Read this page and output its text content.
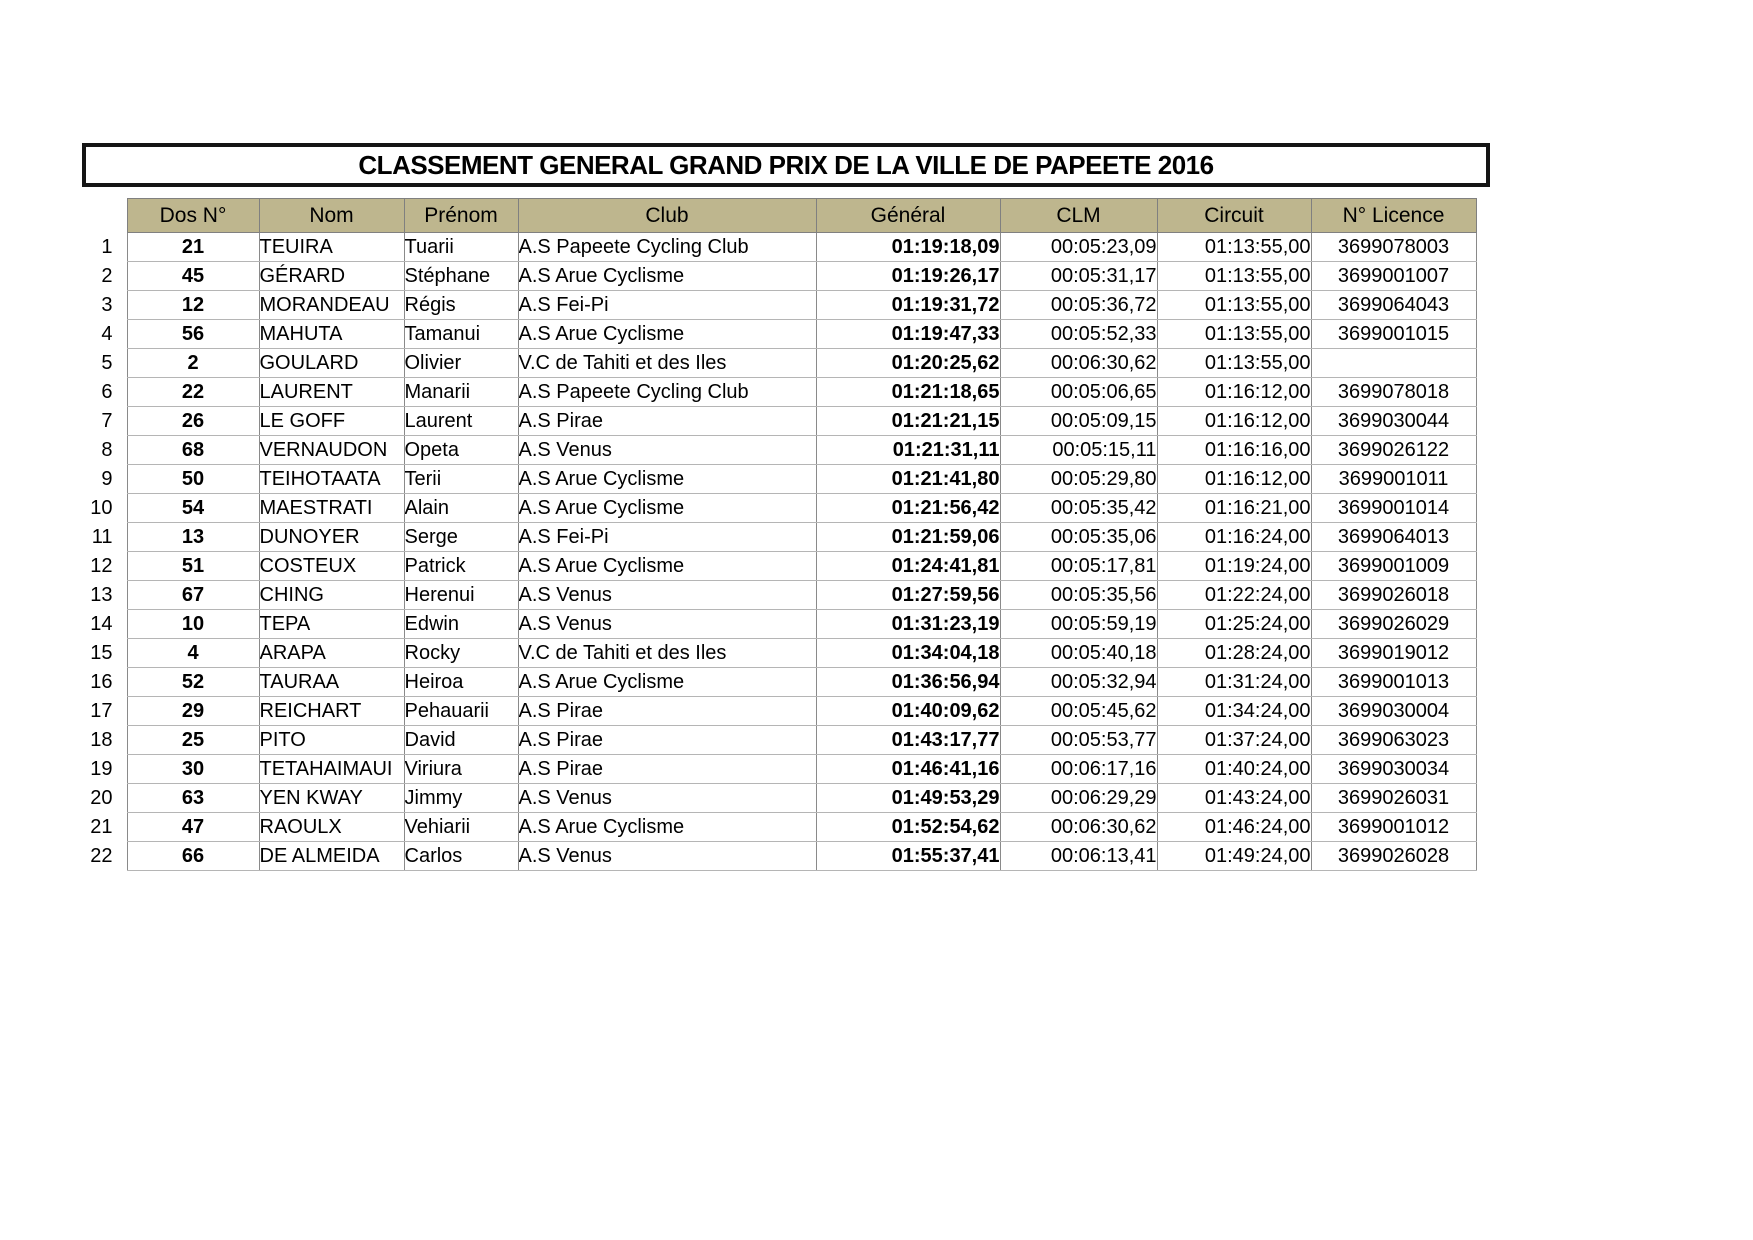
CLASSEMENT GENERAL GRAND PRIX DE LA VILLE DE PAPEETE 2016
	Dos N°	Nom	Prénom	Club	Général	CLM	Circuit	N° Licence
1	21	TEUIRA	Tuarii	A.S Papeete Cycling Club	01:19:18,09	00:05:23,09	01:13:55,00	3699078003
2	45	GÉRARD	Stéphane	A.S Arue Cyclisme	01:19:26,17	00:05:31,17	01:13:55,00	3699001007
3	12	MORANDEAU	Régis	A.S Fei-Pi	01:19:31,72	00:05:36,72	01:13:55,00	3699064043
4	56	MAHUTA	Tamanui	A.S Arue Cyclisme	01:19:47,33	00:05:52,33	01:13:55,00	3699001015
5	2	GOULARD	Olivier	V.C de Tahiti et des Iles	01:20:25,62	00:06:30,62	01:13:55,00	
6	22	LAURENT	Manarii	A.S Papeete Cycling Club	01:21:18,65	00:05:06,65	01:16:12,00	3699078018
7	26	LE GOFF	Laurent	A.S Pirae	01:21:21,15	00:05:09,15	01:16:12,00	3699030044
8	68	VERNAUDON	Opeta	A.S Venus	01:21:31,11	00:05:15,11	01:16:16,00	3699026122
9	50	TEIHOTAATA	Terii	A.S Arue Cyclisme	01:21:41,80	00:05:29,80	01:16:12,00	3699001011
10	54	MAESTRATI	Alain	A.S Arue Cyclisme	01:21:56,42	00:05:35,42	01:16:21,00	3699001014
11	13	DUNOYER	Serge	A.S Fei-Pi	01:21:59,06	00:05:35,06	01:16:24,00	3699064013
12	51	COSTEUX	Patrick	A.S Arue Cyclisme	01:24:41,81	00:05:17,81	01:19:24,00	3699001009
13	67	CHING	Herenui	A.S Venus	01:27:59,56	00:05:35,56	01:22:24,00	3699026018
14	10	TEPA	Edwin	A.S Venus	01:31:23,19	00:05:59,19	01:25:24,00	3699026029
15	4	ARAPA	Rocky	V.C de Tahiti et des Iles	01:34:04,18	00:05:40,18	01:28:24,00	3699019012
16	52	TAURAA	Heiroa	A.S Arue Cyclisme	01:36:56,94	00:05:32,94	01:31:24,00	3699001013
17	29	REICHART	Pehauarii	A.S Pirae	01:40:09,62	00:05:45,62	01:34:24,00	3699030004
18	25	PITO	David	A.S Pirae	01:43:17,77	00:05:53,77	01:37:24,00	3699063023
19	30	TETAHAIMAUI	Viriura	A.S Pirae	01:46:41,16	00:06:17,16	01:40:24,00	3699030034
20	63	YEN KWAY	Jimmy	A.S Venus	01:49:53,29	00:06:29,29	01:43:24,00	3699026031
21	47	RAOULX	Vehiarii	A.S Arue Cyclisme	01:52:54,62	00:06:30,62	01:46:24,00	3699001012
22	66	DE ALMEIDA	Carlos	A.S Venus	01:55:37,41	00:06:13,41	01:49:24,00	3699026028
